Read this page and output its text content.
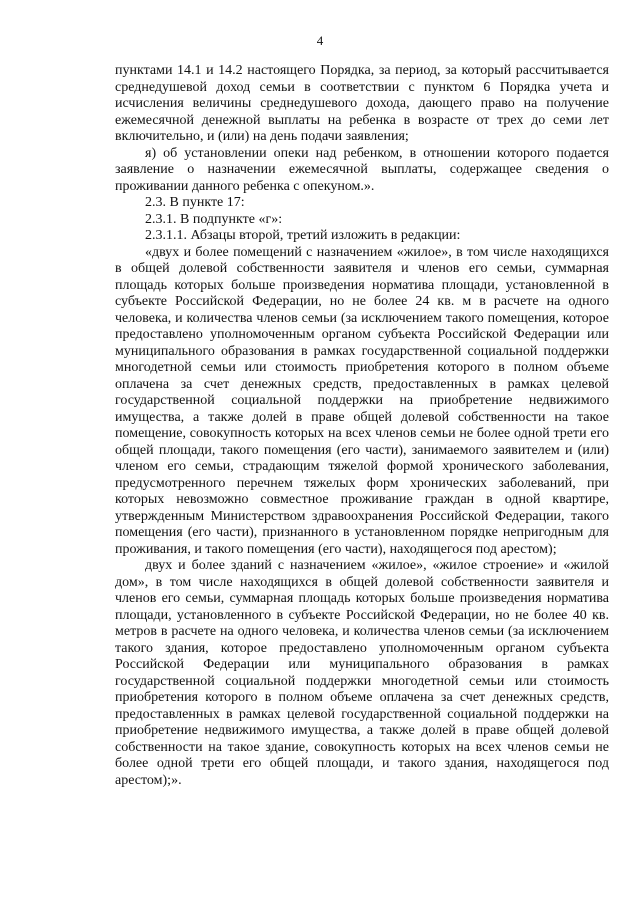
4

пунктами 14.1 и 14.2 настоящего Порядка, за период, за который рассчитывается среднедушевой доход семьи в соответствии с пунктом 6 Порядка учета и исчисления величины среднедушевого дохода, дающего право на получение ежемесячной денежной выплаты на ребенка в возрасте от трех до семи лет включительно, и (или) на день подачи заявления;

я) об установлении опеки над ребенком, в отношении которого подается заявление о назначении ежемесячной выплаты, содержащее сведения о проживании данного ребенка с опекуном.».

2.3. В пункте 17:

2.3.1. В подпункте «г»:

2.3.1.1. Абзацы второй, третий изложить в редакции:

«двух и более помещений с назначением «жилое», в том числе находящихся в общей долевой собственности заявителя и членов его семьи, суммарная площадь которых больше произведения норматива площади, установленной в субъекте Российской Федерации, но не более 24 кв. м в расчете на одного человека, и количества членов семьи (за исключением такого помещения, которое предоставлено уполномоченным органом субъекта Российской Федерации или муниципального образования в рамках государственной социальной поддержки многодетной семьи или стоимость приобретения которого в полном объеме оплачена за счет денежных средств, предоставленных в рамках целевой государственной социальной поддержки на приобретение недвижимого имущества, а также долей в праве общей долевой собственности на такое помещение, совокупность которых на всех членов семьи не более одной трети его общей площади, такого помещения (его части), занимаемого заявителем и (или) членом его семьи, страдающим тяжелой формой хронического заболевания, предусмотренного перечнем тяжелых форм хронических заболеваний, при которых невозможно совместное проживание граждан в одной квартире, утвержденным Министерством здравоохранения Российской Федерации, такого помещения (его части), признанного в установленном порядке непригодным для проживания, и такого помещения (его части), находящегося под арестом);

двух и более зданий с назначением «жилое», «жилое строение» и «жилой дом», в том числе находящихся в общей долевой собственности заявителя и членов его семьи, суммарная площадь которых больше произведения норматива площади, установленного в субъекте Российской Федерации, но не более 40 кв. метров в расчете на одного человека, и количества членов семьи (за исключением такого здания, которое предоставлено уполномоченным органом субъекта Российской Федерации или муниципального образования в рамках государственной социальной поддержки многодетной семьи или стоимость приобретения которого в полном объеме оплачена за счет денежных средств, предоставленных в рамках целевой государственной социальной поддержки на приобретение недвижимого имущества, а также долей в праве общей долевой собственности на такое здание, совокупность которых на всех членов семьи не более одной трети его общей площади, и такого здания, находящегося под арестом);».
